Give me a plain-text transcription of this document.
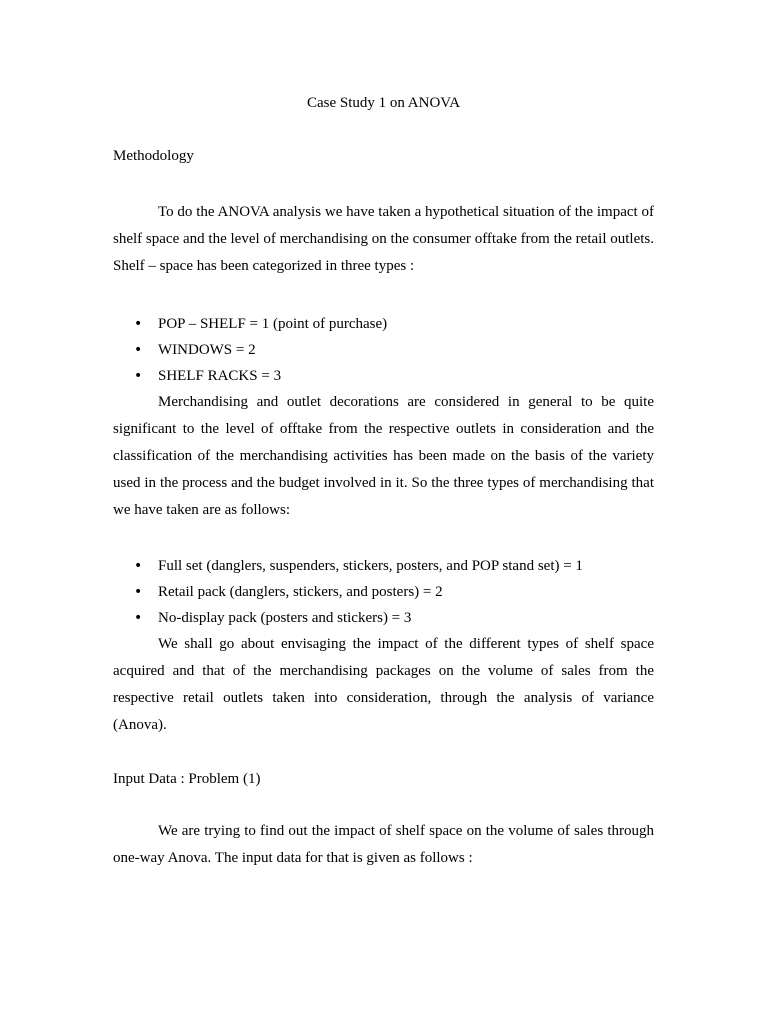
Case Study 1 on ANOVA
Methodology

To do the ANOVA analysis we have taken a hypothetical situation of the impact of shelf space and the level of merchandising on the consumer offtake from the retail outlets. Shelf – space has been categorized in three types :

• POP – SHELF = 1 (point of purchase)
• WINDOWS = 2
• SHELF RACKS = 3

Merchandising and outlet decorations are considered in general to be quite significant to the level of offtake from the respective outlets in consideration and the classification of the merchandising activities has been made on the basis of the variety used in the process and the budget involved in it. So the three types of merchandising that we have taken are as follows:

• Full set (danglers, suspenders, stickers, posters, and POP stand set) = 1
• Retail pack (danglers, stickers, and posters) = 2
• No-display pack (posters and stickers) = 3

We shall go about envisaging the impact of the different types of shelf space acquired and that of the merchandising packages on the volume of sales from the respective retail outlets taken into consideration, through the analysis of variance (Anova).

Input Data : Problem (1)

We are trying to find out the impact of shelf space on the volume of sales through one-way Anova. The input data for that is given as follows :
